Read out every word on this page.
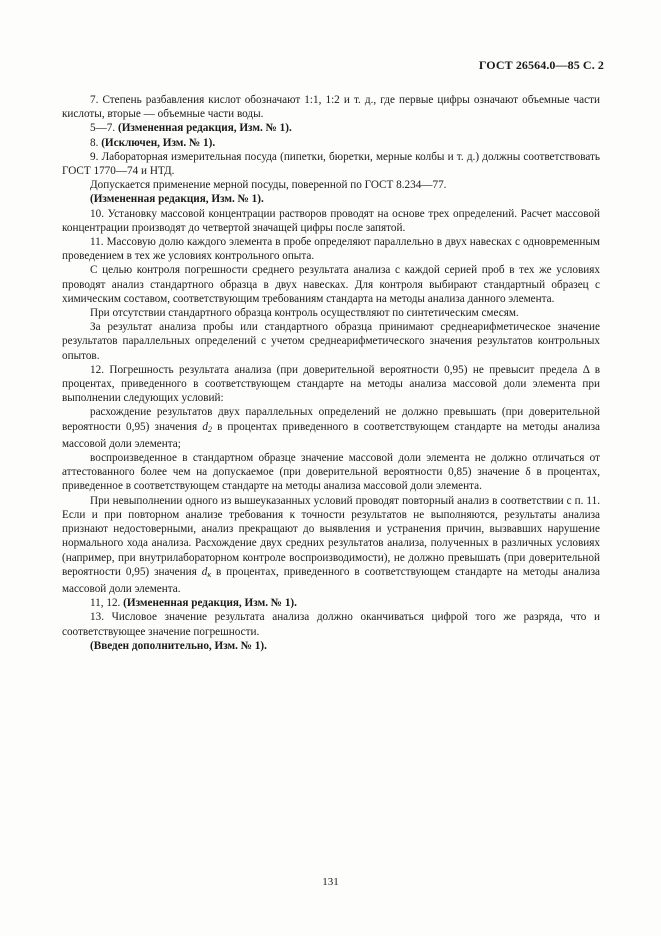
ГОСТ 26564.0—85 С. 2

7. Степень разбавления кислот обозначают 1:1, 1:2 и т. д., где первые цифры означают объемные части кислоты, вторые — объемные части воды.

5—7. (Измененная редакция, Изм. № 1).

8. (Исключен, Изм. № 1).

9. Лабораторная измерительная посуда (пипетки, бюретки, мерные колбы и т. д.) должны соответствовать ГОСТ 1770—74 и НТД.

Допускается применение мерной посуды, поверенной по ГОСТ 8.234—77.

(Измененная редакция, Изм. № 1).

10. Установку массовой концентрации растворов проводят на основе трех определений. Расчет массовой концентрации производят до четвертой значащей цифры после запятой.

11. Массовую долю каждого элемента в пробе определяют параллельно в двух навесках с одновременным проведением в тех же условиях контрольного опыта.

С целью контроля погрешности среднего результата анализа с каждой серией проб в тех же условиях проводят анализ стандартного образца в двух навесках. Для контроля выбирают стандартный образец с химическим составом, соответствующим требованиям стандарта на методы анализа данного элемента.

При отсутствии стандартного образца контроль осуществляют по синтетическим смесям.

За результат анализа пробы или стандартного образца принимают среднеарифметическое значение результатов параллельных определений с учетом среднеарифметического значения результатов контрольных опытов.

12. Погрешность результата анализа (при доверительной вероятности 0,95) не превысит предела Δ в процентах, приведенного в соответствующем стандарте на методы анализа массовой доли элемента при выполнении следующих условий:

расхождение результатов двух параллельных определений не должно превышать (при доверительной вероятности 0,95) значения $d_2$ в процентах приведенного в соответствующем стандарте на методы анализа массовой доли элемента;

воспроизведенное в стандартном образце значение массовой доли элемента не должно отличаться от аттестованного более чем на допускаемое (при доверительной вероятности 0,85) значение δ в процентах, приведенное в соответствующем стандарте на методы анализа массовой доли элемента.

При невыполнении одного из вышеуказанных условий проводят повторный анализ в соответствии с п. 11. Если и при повторном анализе требования к точности результатов не выполняются, результаты анализа признают недостоверными, анализ прекращают до выявления и устранения причин, вызвавших нарушение нормального хода анализа. Расхождение двух средних результатов анализа, полученных в различных условиях (например, при внутрилабораторном контроле воспроизводимости), не должно превышать (при доверительной вероятности 0,95) значения $d_к$ в процентах, приведенного в соответствующем стандарте на методы анализа массовой доли элемента.

11, 12. (Измененная редакция, Изм. № 1).

13. Числовое значение результата анализа должно оканчиваться цифрой того же разряда, что и соответствующее значение погрешности.

(Введен дополнительно, Изм. № 1).

131
